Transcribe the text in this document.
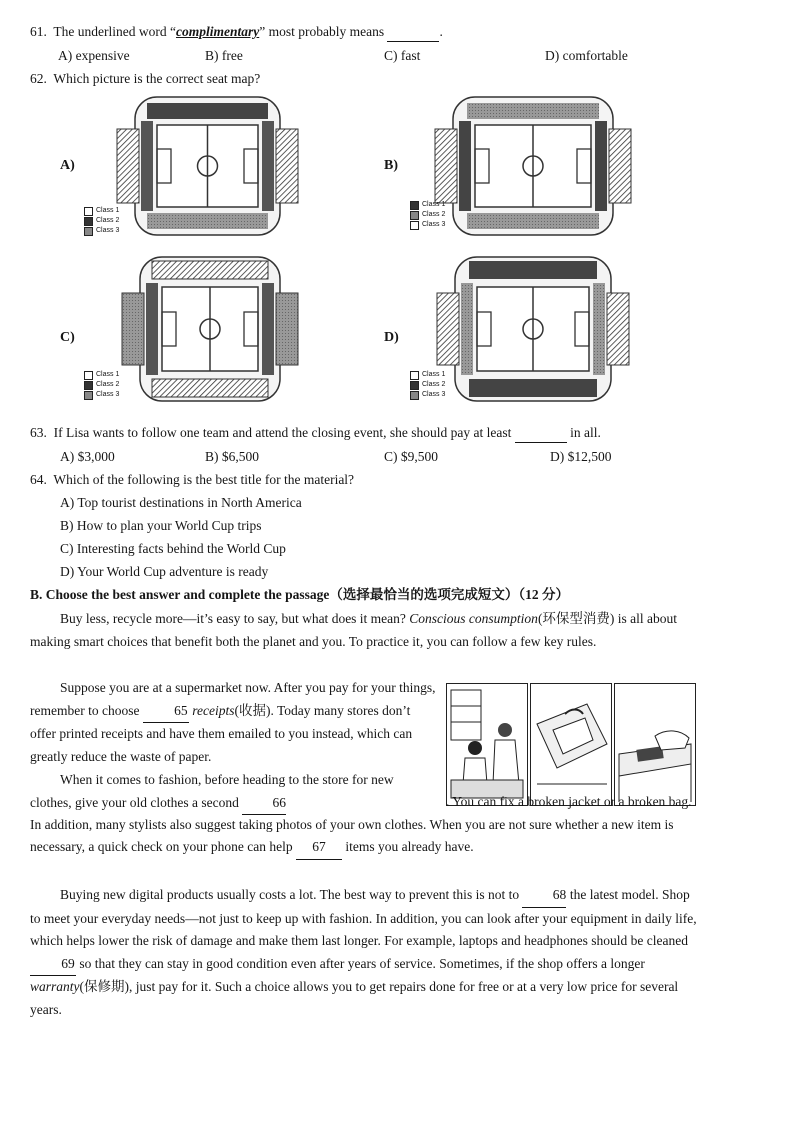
61. The underlined word “complimentary” most probably means	.
A) expensive	B) free	C) fast	D) comfortable
62. Which picture is the correct seat map?
A)
Class 1
Class 2
Class 3
B)
Class 1
Class 2
Class 3
C)
Class 1
Class 2
Class 3
D)
Class 1
Class 2
Class 3
63. If Lisa wants to follow one team and attend the closing event, she should pay at least	in all.
A) $3,000	B) $6,500	C) $9,500	D) $12,500
64. Which of the following is the best title for the material?
A) Top tourist destinations in North America
B) How to plan your World Cup trips
C) Interesting facts behind the World Cup
D) Your World Cup adventure is ready
B. Choose the best answer and complete the passage（选择最恰当的选项完成短文）（12 分）
Buy less, recycle more—it’s easy to say, but what does it mean? Conscious consumption(环保型消费) is all about making smart choices that benefit both the planet and you. To practice it, you can follow a few key rules.
Suppose you are at a supermarket now. After you pay for your things, remember to choose	65 receipts(收据). Today many stores don’t offer printed receipts and have them emailed to you instead, which can greatly reduce the waste of paper.
When it comes to fashion, before heading to the store for new clothes, give your old clothes a second 66	. You can fix a broken jacket or a broken bag. In addition, many stylists also suggest taking photos of your own clothes. When you are not sure whether a new item is necessary, a quick check on your phone can help 67 items you already have.
Buying new digital products usually costs a lot. The best way to prevent this is not to 68 the latest model. Shop to meet your everyday needs—not just to keep up with fashion. In addition, you can look after your equipment in daily life, which helps lower the risk of damage and make them last longer. For example, laptops and headphones should be cleaned 69 so that they can stay in good condition even after years of service. Sometimes, if the shop offers a longer warranty(保修期), just pay for it. Such a choice allows you to get repairs done for free or at a very low price for several years.
